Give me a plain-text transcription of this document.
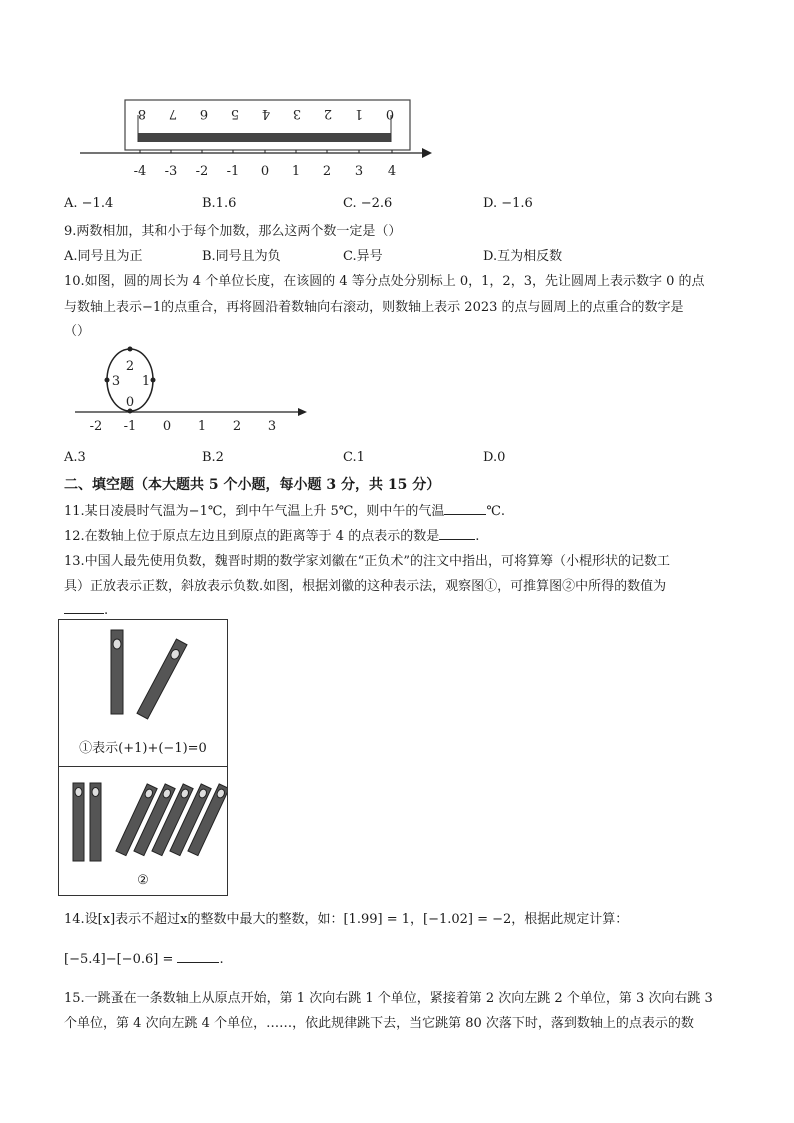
8 7 6 5 4 3 2 1 0
-4 -3 -2 -1 0 1 2 3 4
A. −1.4	B.1.6	C. −2.6	D. −1.6
9.两数相加，其和小于每个加数，那么这两个数一定是（）
A.同号且为正	B.同号且为负	C.异号	D.互为相反数
10.如图，圆的周长为 4 个单位长度，在该圆的 4 等分点处分别标上 0，1，2，3，先让圆周上表示数字 0 的点
与数轴上表示−1的点重合，再将圆沿着数轴向右滚动，则数轴上表示 2023 的点与圆周上的点重合的数字是
（）
2
3 1
0
-2 -1 0 1 2 3
A.3	B.2	C.1	D.0
二、填空题（本大题共 5 个小题，每小题 3 分，共 15 分）
11.某日凌晨时气温为−1℃，到中午气温上升 5℃，则中午的气温	℃.
12.在数轴上位于原点左边且到原点的距离等于 4 的点表示的数是	.
13.中国人最先使用负数，魏晋时期的数学家刘徽在“正负术”的注文中指出，可将算筹（小棍形状的记数工
具）正放表示正数，斜放表示负数.如图，根据刘徽的这种表示法，观察图①，可推算图②中所得的数值为
.
①表示(+1)+(−1)=0
②
14.设[x]表示不超过x的整数中最大的整数，如：[1.99] = 1，[−1.02] = −2，根据此规定计算：
[−5.4]−[−0.6] =	.
15.一跳蚤在一条数轴上从原点开始，第 1 次向右跳 1 个单位，紧接着第 2 次向左跳 2 个单位，第 3 次向右跳 3
个单位，第 4 次向左跳 4 个单位，……，依此规律跳下去，当它跳第 80 次落下时，落到数轴上的点表示的数
